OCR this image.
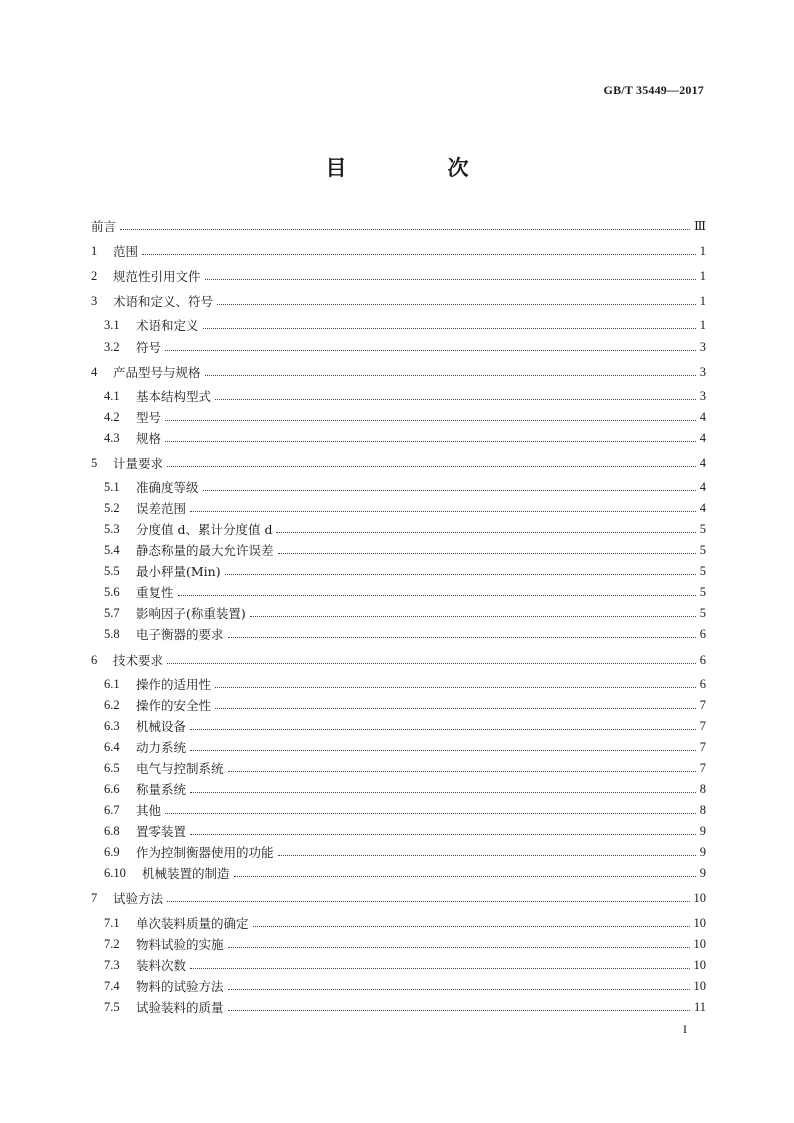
GB/T 35449—2017
目　次
前言	Ⅲ
1	范围	1
2	规范性引用文件	1
3	术语和定义、符号	1
3.1	术语和定义	1
3.2	符号	3
4	产品型号与规格	3
4.1	基本结构型式	3
4.2	型号	4
4.3	规格	4
5	计量要求	4
5.1	准确度等级	4
5.2	误差范围	4
5.3	分度值 d、累计分度值 d	5
5.4	静态称量的最大允许误差	5
5.5	最小秤量(Min)	5
5.6	重复性	5
5.7	影响因子(称重装置)	5
5.8	电子衡器的要求	6
6	技术要求	6
6.1	操作的适用性	6
6.2	操作的安全性	7
6.3	机械设备	7
6.4	动力系统	7
6.5	电气与控制系统	7
6.6	称量系统	8
6.7	其他	8
6.8	置零装置	9
6.9	作为控制衡器使用的功能	9
6.10	机械装置的制造	9
7	试验方法	10
7.1	单次装料质量的确定	10
7.2	物料试验的实施	10
7.3	装料次数	10
7.4	物料的试验方法	10
7.5	试验装料的质量	11
I
